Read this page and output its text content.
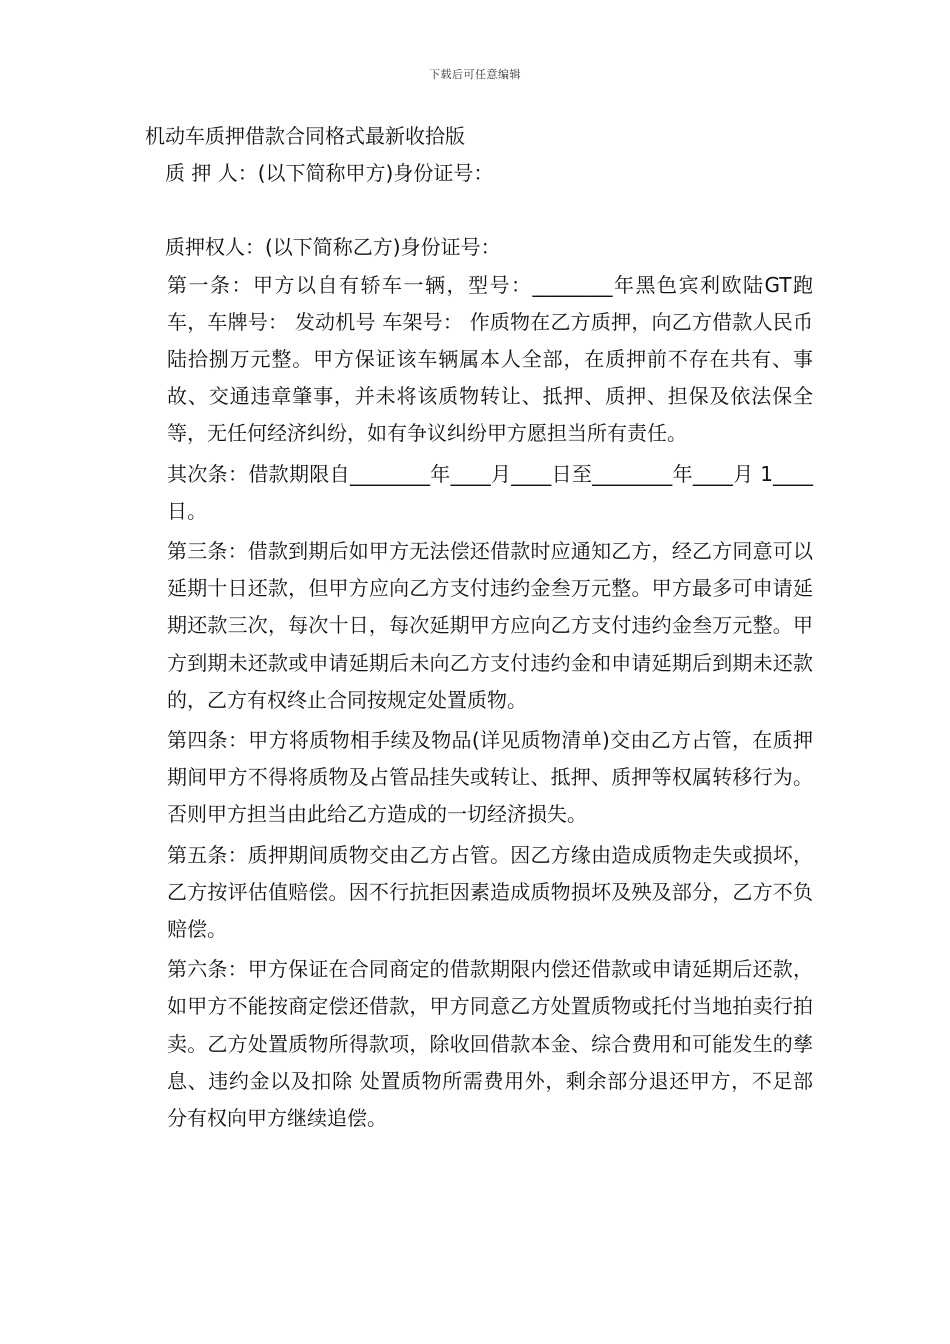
下载后可任意编辑

机动车质押借款合同格式最新收拾版

质 押 人：(以下简称甲方)身份证号：

质押权人：(以下简称乙方)身份证号：

第一条：甲方以自有轿车一辆，型号：________年黑色宾利欧陆GT跑车，车牌号： 发动机号 车架号： 作质物在乙方质押，向乙方借款人民币陆拾捌万元整。甲方保证该车辆属本人全部，在质押前不存在共有、事故、交通违章肇事，并未将该质物转让、抵押、质押、担保及依法保全等，无任何经济纠纷，如有争议纠纷甲方愿担当所有责任。

其次条：借款期限自________年____月____日至________年____月 1____日。

第三条：借款到期后如甲方无法偿还借款时应通知乙方，经乙方同意可以延期十日还款，但甲方应向乙方支付违约金叁万元整。甲方最多可申请延期还款三次，每次十日，每次延期甲方应向乙方支付违约金叁万元整。甲方到期未还款或申请延期后未向乙方支付违约金和申请延期后到期未还款的，乙方有权终止合同按规定处置质物。

第四条：甲方将质物相手续及物品(详见质物清单)交由乙方占管，在质押期间甲方不得将质物及占管品挂失或转让、抵押、质押等权属转移行为。否则甲方担当由此给乙方造成的一切经济损失。

第五条：质押期间质物交由乙方占管。因乙方缘由造成质物走失或损坏，乙方按评估值赔偿。因不行抗拒因素造成质物损坏及殃及部分，乙方不负赔偿。

第六条：甲方保证在合同商定的借款期限内偿还借款或申请延期后还款，如甲方不能按商定偿还借款，甲方同意乙方处置质物或托付当地拍卖行拍卖。乙方处置质物所得款项，除收回借款本金、综合费用和可能发生的孳息、违约金以及扣除 处置质物所需费用外，剩余部分退还甲方，不足部分有权向甲方继续追偿。
